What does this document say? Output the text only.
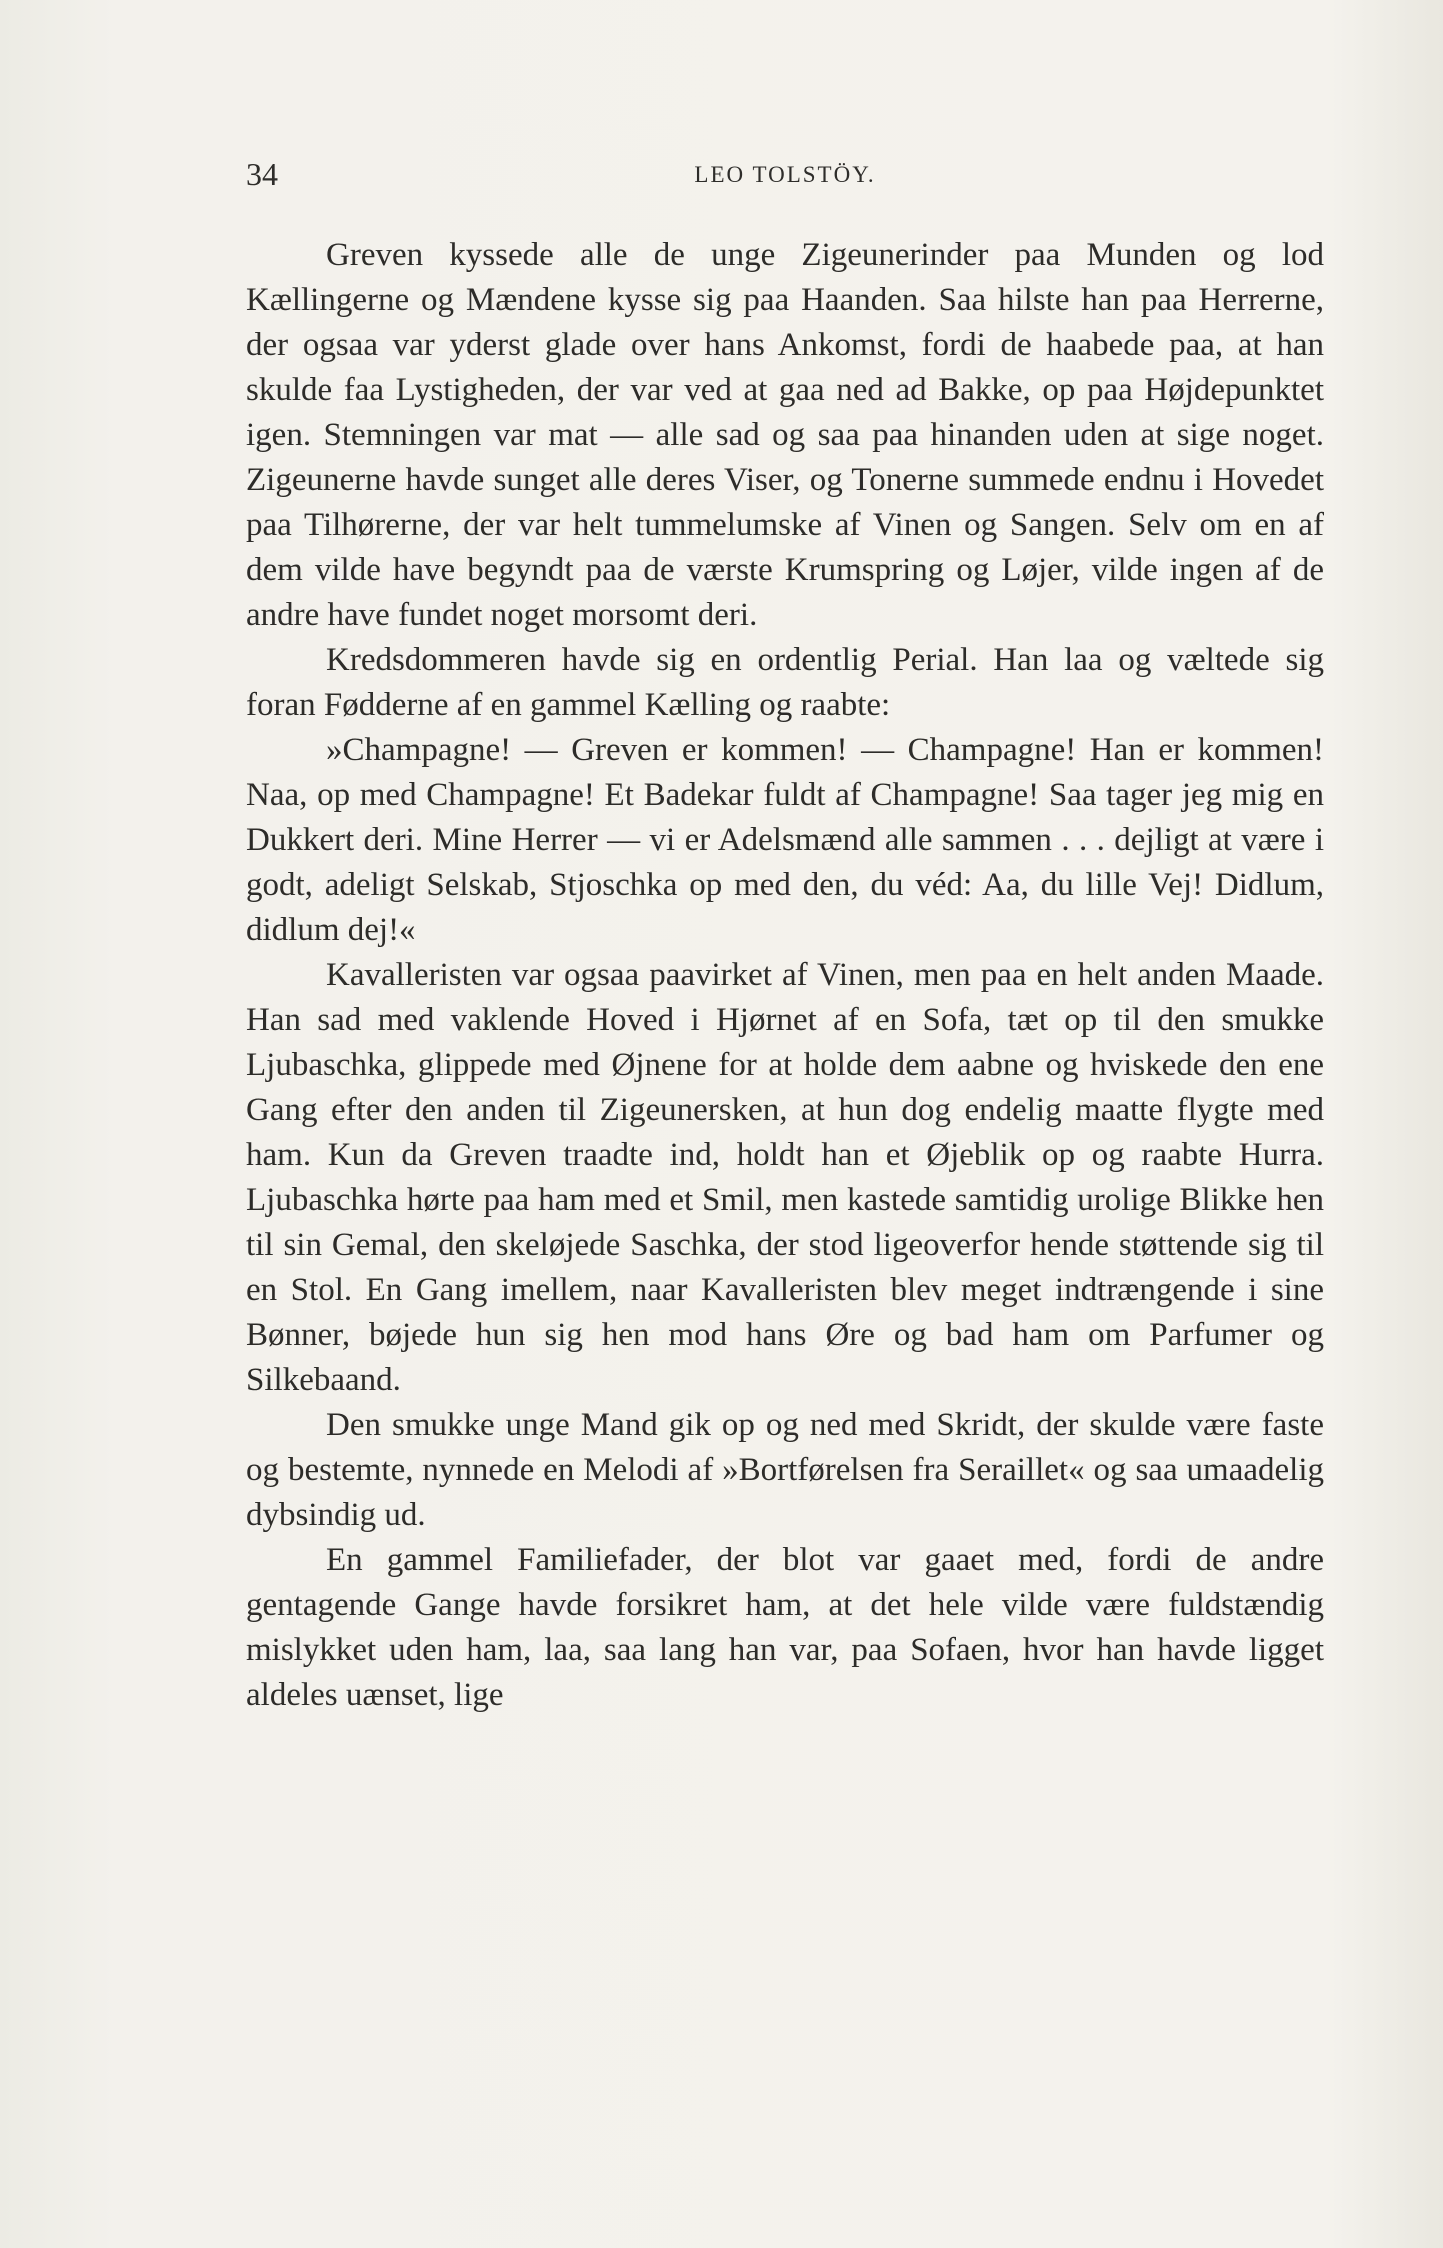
34	LEO TOLSTÖY.

Greven kyssede alle de unge Zigeunerinder paa Munden og lod Kællingerne og Mændene kysse sig paa Haanden. Saa hilste han paa Herrerne, der ogsaa var yderst glade over hans Ankomst, fordi de haabede paa, at han skulde faa Lystigheden, der var ved at gaa ned ad Bakke, op paa Højdepunktet igen. Stemningen var mat — alle sad og saa paa hinanden uden at sige noget. Zigeunerne havde sunget alle deres Viser, og Tonerne summede endnu i Hovedet paa Tilhørerne, der var helt tummelumske af Vinen og Sangen. Selv om en af dem vilde have begyndt paa de værste Krumspring og Løjer, vilde ingen af de andre have fundet noget morsomt deri.

Kredsdommeren havde sig en ordentlig Perial. Han laa og væltede sig foran Fødderne af en gammel Kælling og raabte:

»Champagne! — Greven er kommen! — Champagne! Han er kommen! Naa, op med Champagne! Et Badekar fuldt af Champagne! Saa tager jeg mig en Dukkert deri. Mine Herrer — vi er Adelsmænd alle sammen . . . dejligt at være i godt, adeligt Selskab, Stjoschka op med den, du véd: Aa, du lille Vej! Didlum, didlum dej!«

Kavalleristen var ogsaa paavirket af Vinen, men paa en helt anden Maade. Han sad med vaklende Hoved i Hjørnet af en Sofa, tæt op til den smukke Ljubaschka, glippede med Øjnene for at holde dem aabne og hviskede den ene Gang efter den anden til Zigeunersken, at hun dog endelig maatte flygte med ham. Kun da Greven traadte ind, holdt han et Øjeblik op og raabte Hurra. Ljubaschka hørte paa ham med et Smil, men kastede samtidig urolige Blikke hen til sin Gemal, den skeløjede Saschka, der stod ligeoverfor hende støttende sig til en Stol. En Gang imellem, naar Kavalleristen blev meget indtrængende i sine Bønner, bøjede hun sig hen mod hans Øre og bad ham om Parfumer og Silkebaand.

Den smukke unge Mand gik op og ned med Skridt, der skulde være faste og bestemte, nynnede en Melodi af »Bortførelsen fra Seraillet« og saa umaadelig dybsindig ud.

En gammel Familiefader, der blot var gaaet med, fordi de andre gentagende Gange havde forsikret ham, at det hele vilde være fuldstændig mislykket uden ham, laa, saa lang han var, paa Sofaen, hvor han havde ligget aldeles uænset, lige
